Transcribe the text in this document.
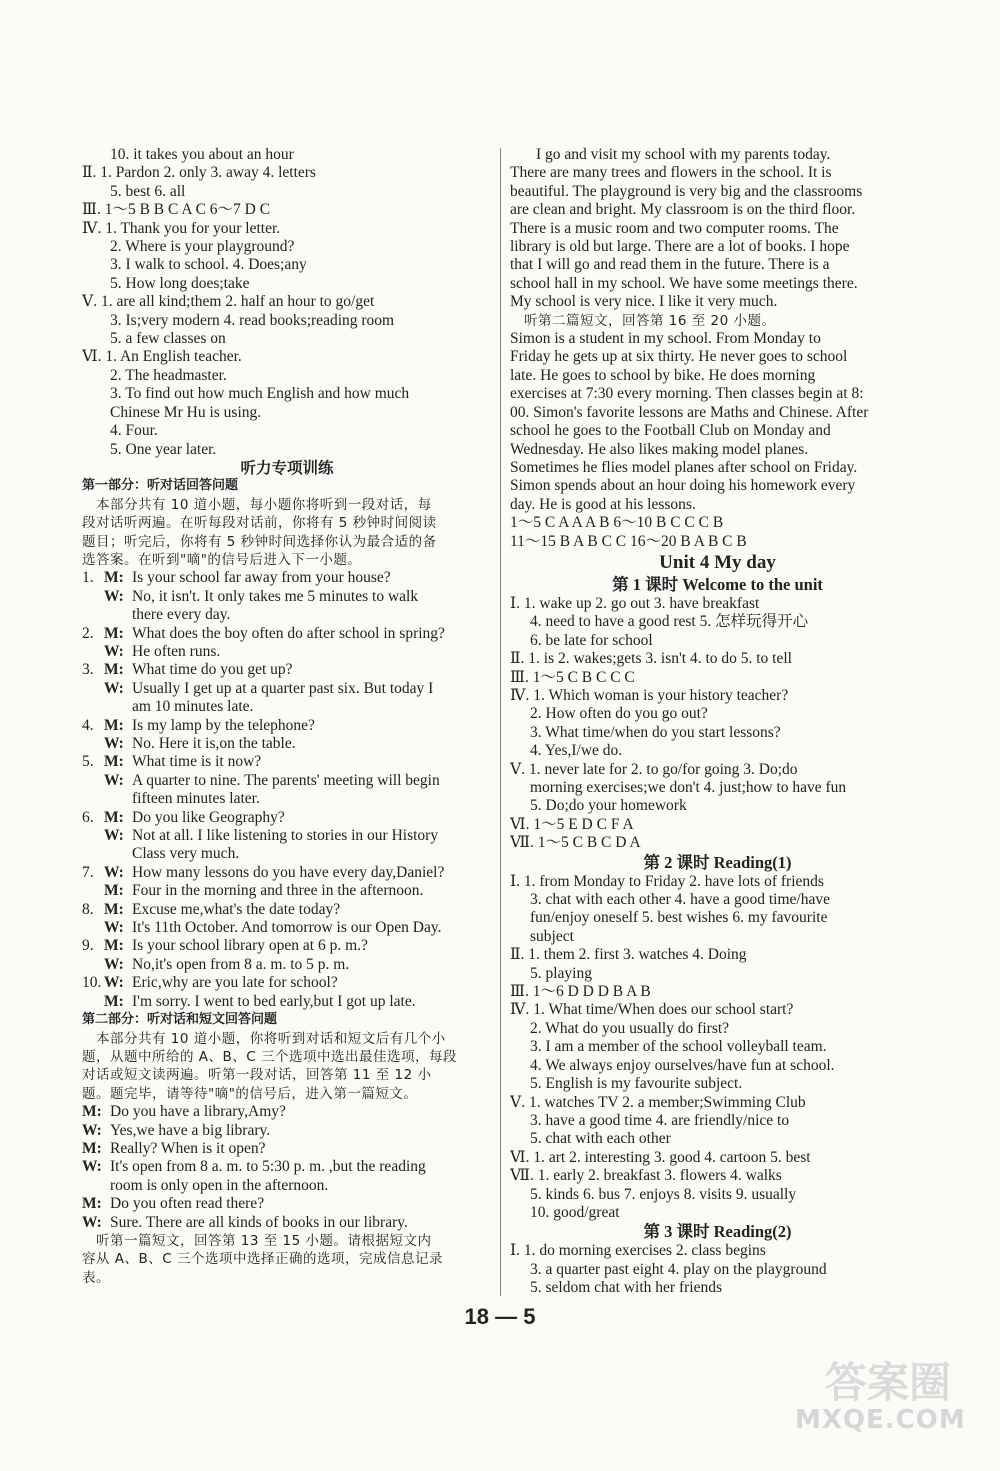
10. it takes you about an hour
Ⅱ. 1. Pardon 2. only 3. away 4. letters
5. best 6. all
Ⅲ. 1～5 B B C A C 6～7 D C
Ⅳ. 1. Thank you for your letter.
2. Where is your playground?
3. I walk to school. 4. Does;any
5. How long does;take
Ⅴ. 1. are all kind;them 2. half an hour to go/get
3. Is;very modern 4. read books;reading room
5. a few classes on
Ⅵ. 1. An English teacher.
2. The headmaster.
3. To find out how much English and how much
Chinese Mr Hu is using.
4. Four.
5. One year later.
听力专项训练
第一部分：听对话回答问题
　本部分共有 10 道小题，每小题你将听到一段对话，每
段对话听两遍。在听每段对话前，你将有 5 秒钟时间阅读
题目；听完后，你将有 5 秒钟时间选择你认为最合适的备
选答案。在听到"嘀"的信号后进入下一小题。
1. M: Is your school far away from your house?
W: No, it isn't. It only takes me 5 minutes to walk
there every day.
2. M: What does the boy often do after school in spring?
W: He often runs.
3. M: What time do you get up?
W: Usually I get up at a quarter past six. But today I
am 10 minutes late.
4. M: Is my lamp by the telephone?
W: No. Here it is,on the table.
5. M: What time is it now?
W: A quarter to nine. The parents' meeting will begin
fifteen minutes later.
6. M: Do you like Geography?
W: Not at all. I like listening to stories in our History
Class very much.
7. W: How many lessons do you have every day,Daniel?
M: Four in the morning and three in the afternoon.
8. M: Excuse me,what's the date today?
W: It's 11th October. And tomorrow is our Open Day.
9. M: Is your school library open at 6 p. m.?
W: No,it's open from 8 a. m. to 5 p. m.
10. W: Eric,why are you late for school?
M: I'm sorry. I went to bed early,but I got up late.
第二部分：听对话和短文回答问题
　本部分共有 10 道小题，你将听到对话和短文后有几个小
题，从题中所给的 A、B、C 三个选项中选出最佳选项，每段
对话或短文读两遍。听第一段对话，回答第 11 至 12 小
题。题完毕，请等待"嘀"的信号后，进入第一篇短文。
M: Do you have a library,Amy?
W: Yes,we have a big library.
M: Really? When is it open?
W: It's open from 8 a. m. to 5:30 p. m. ,but the reading
room is only open in the afternoon.
M: Do you often read there?
W: Sure. There are all kinds of books in our library.
　听第一篇短文，回答第 13 至 15 小题。请根据短文内
容从 A、B、C 三个选项中选择正确的选项，完成信息记录
表。
I go and visit my school with my parents today.
There are many trees and flowers in the school. It is
beautiful. The playground is very big and the classrooms
are clean and bright. My classroom is on the third floor.
There is a music room and two computer rooms. The
library is old but large. There are a lot of books. I hope
that I will go and read them in the future. There is a
school hall in my school. We have some meetings there.
My school is very nice. I like it very much.
　听第二篇短文，回答第 16 至 20 小题。
Simon is a student in my school. From Monday to
Friday he gets up at six thirty. He never goes to school
late. He goes to school by bike. He does morning
exercises at 7:30 every morning. Then classes begin at 8:
00. Simon's favorite lessons are Maths and Chinese. After
school he goes to the Football Club on Monday and
Wednesday. He also likes making model planes.
Sometimes he flies model planes after school on Friday.
Simon spends about an hour doing his homework every
day. He is good at his lessons.
1～5 C A A A B 6～10 B C C C B
11～15 B A B C C 16～20 B A B C B
Unit 4 My day
第 1 课时 Welcome to the unit
Ⅰ. 1. wake up 2. go out 3. have breakfast
4. need to have a good rest 5. 怎样玩得开心
6. be late for school
Ⅱ. 1. is 2. wakes;gets 3. isn't 4. to do 5. to tell
Ⅲ. 1～5 C B C C C
Ⅳ. 1. Which woman is your history teacher?
2. How often do you go out?
3. What time/when do you start lessons?
4. Yes,I/we do.
Ⅴ. 1. never late for 2. to go/for going 3. Do;do
morning exercises;we don't 4. just;how to have fun
5. Do;do your homework
Ⅵ. 1～5 E D C F A
Ⅶ. 1～5 C B C D A
第 2 课时 Reading(1)
Ⅰ. 1. from Monday to Friday 2. have lots of friends
3. chat with each other 4. have a good time/have
fun/enjoy oneself 5. best wishes 6. my favourite
subject
Ⅱ. 1. them 2. first 3. watches 4. Doing
5. playing
Ⅲ. 1～6 D D D B A B
Ⅳ. 1. What time/When does our school start?
2. What do you usually do first?
3. I am a member of the school volleyball team.
4. We always enjoy ourselves/have fun at school.
5. English is my favourite subject.
Ⅴ. 1. watches TV 2. a member;Swimming Club
3. have a good time 4. are friendly/nice to
5. chat with each other
Ⅵ. 1. art 2. interesting 3. good 4. cartoon 5. best
Ⅶ. 1. early 2. breakfast 3. flowers 4. walks
5. kinds 6. bus 7. enjoys 8. visits 9. usually
10. good/great
第 3 课时 Reading(2)
Ⅰ. 1. do morning exercises 2. class begins
3. a quarter past eight 4. play on the playground
5. seldom chat with her friends
18 — 5
答案圈
MXQE.COM
